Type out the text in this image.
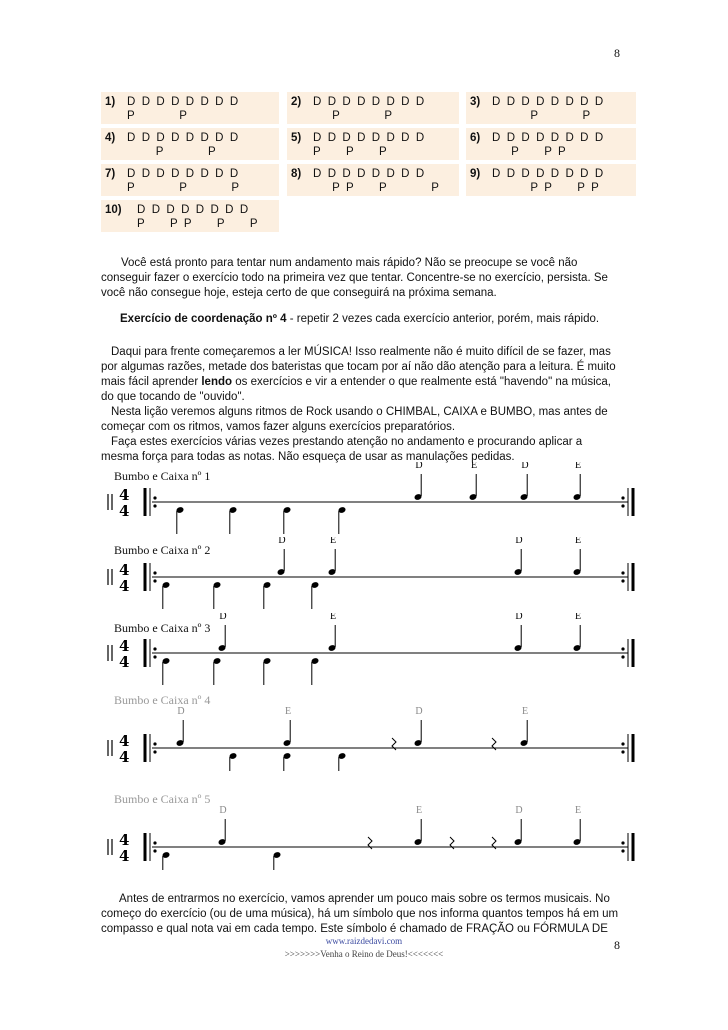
8
1) D  D  D  D  D  D  D  D
P              P
2) D  D  D  D  D  D  D  D
P              P
3) D  D  D  D  D  D  D  D
P              P
4) D  D  D  D  D  D  D  D
P              P
5) D  D  D  D  D  D  D  D
P        P        P
6) D  D  D  D  D  D  D  D
P        P  P
7) D  D  D  D  D  D  D  D
P              P              P
8) D  D  D  D  D  D  D  D
P  P        P              P
9) D  D  D  D  D  D  D  D
P  P        P  P
10) D  D  D  D  D  D  D  D
P        P  P        P        P

Você está pronto para tentar num andamento mais rápido? Não se preocupe se você não conseguir fazer o exercício todo na primeira vez que tentar. Concentre-se no exercício, persista. Se você não consegue hoje, esteja certo de que conseguirá na próxima semana.

Exercício de coordenação nº 4 - repetir 2 vezes cada exercício anterior, porém, mais rápido.

Daqui para frente começaremos a ler MÚSICA! Isso realmente não é muito difícil de se fazer, mas por algumas razões, metade dos bateristas que tocam por aí não dão atenção para a leitura. É muito mais fácil aprender lendo os exercícios e vir a entender o que realmente está "havendo" na música, do que tocando de "ouvido".

Nesta lição veremos alguns ritmos de Rock usando o CHIMBAL, CAIXA e BUMBO, mas antes de começar com os ritmos, vamos fazer alguns exercícios preparatórios.

Faça estes exercícios várias vezes prestando atenção no andamento e procurando aplicar a mesma força para todas as notas. Não esqueça de usar as manulações pedidas.

Bumbo e Caixa nº 1
4
4
D	E	D	E
Bumbo e Caixa nº 2
4
4
D	E	D	E
Bumbo e Caixa nº 3
4
4
D	E	D	E
Bumbo e Caixa nº 4
4
4
D	E	D	E
Bumbo e Caixa nº 5
4
4
D	E	D	E

Antes de entrarmos no exercício, vamos aprender um pouco mais sobre os termos musicais. No começo do exercício (ou de uma música), há um símbolo que nos informa quantos tempos há em um compasso e qual nota vai em cada tempo. Este símbolo é chamado de FRAÇÃO ou FÓRMULA DE

www.raizdedavi.com
>>>>>>>Venha o Reino de Deus!<<<<<<<
8
